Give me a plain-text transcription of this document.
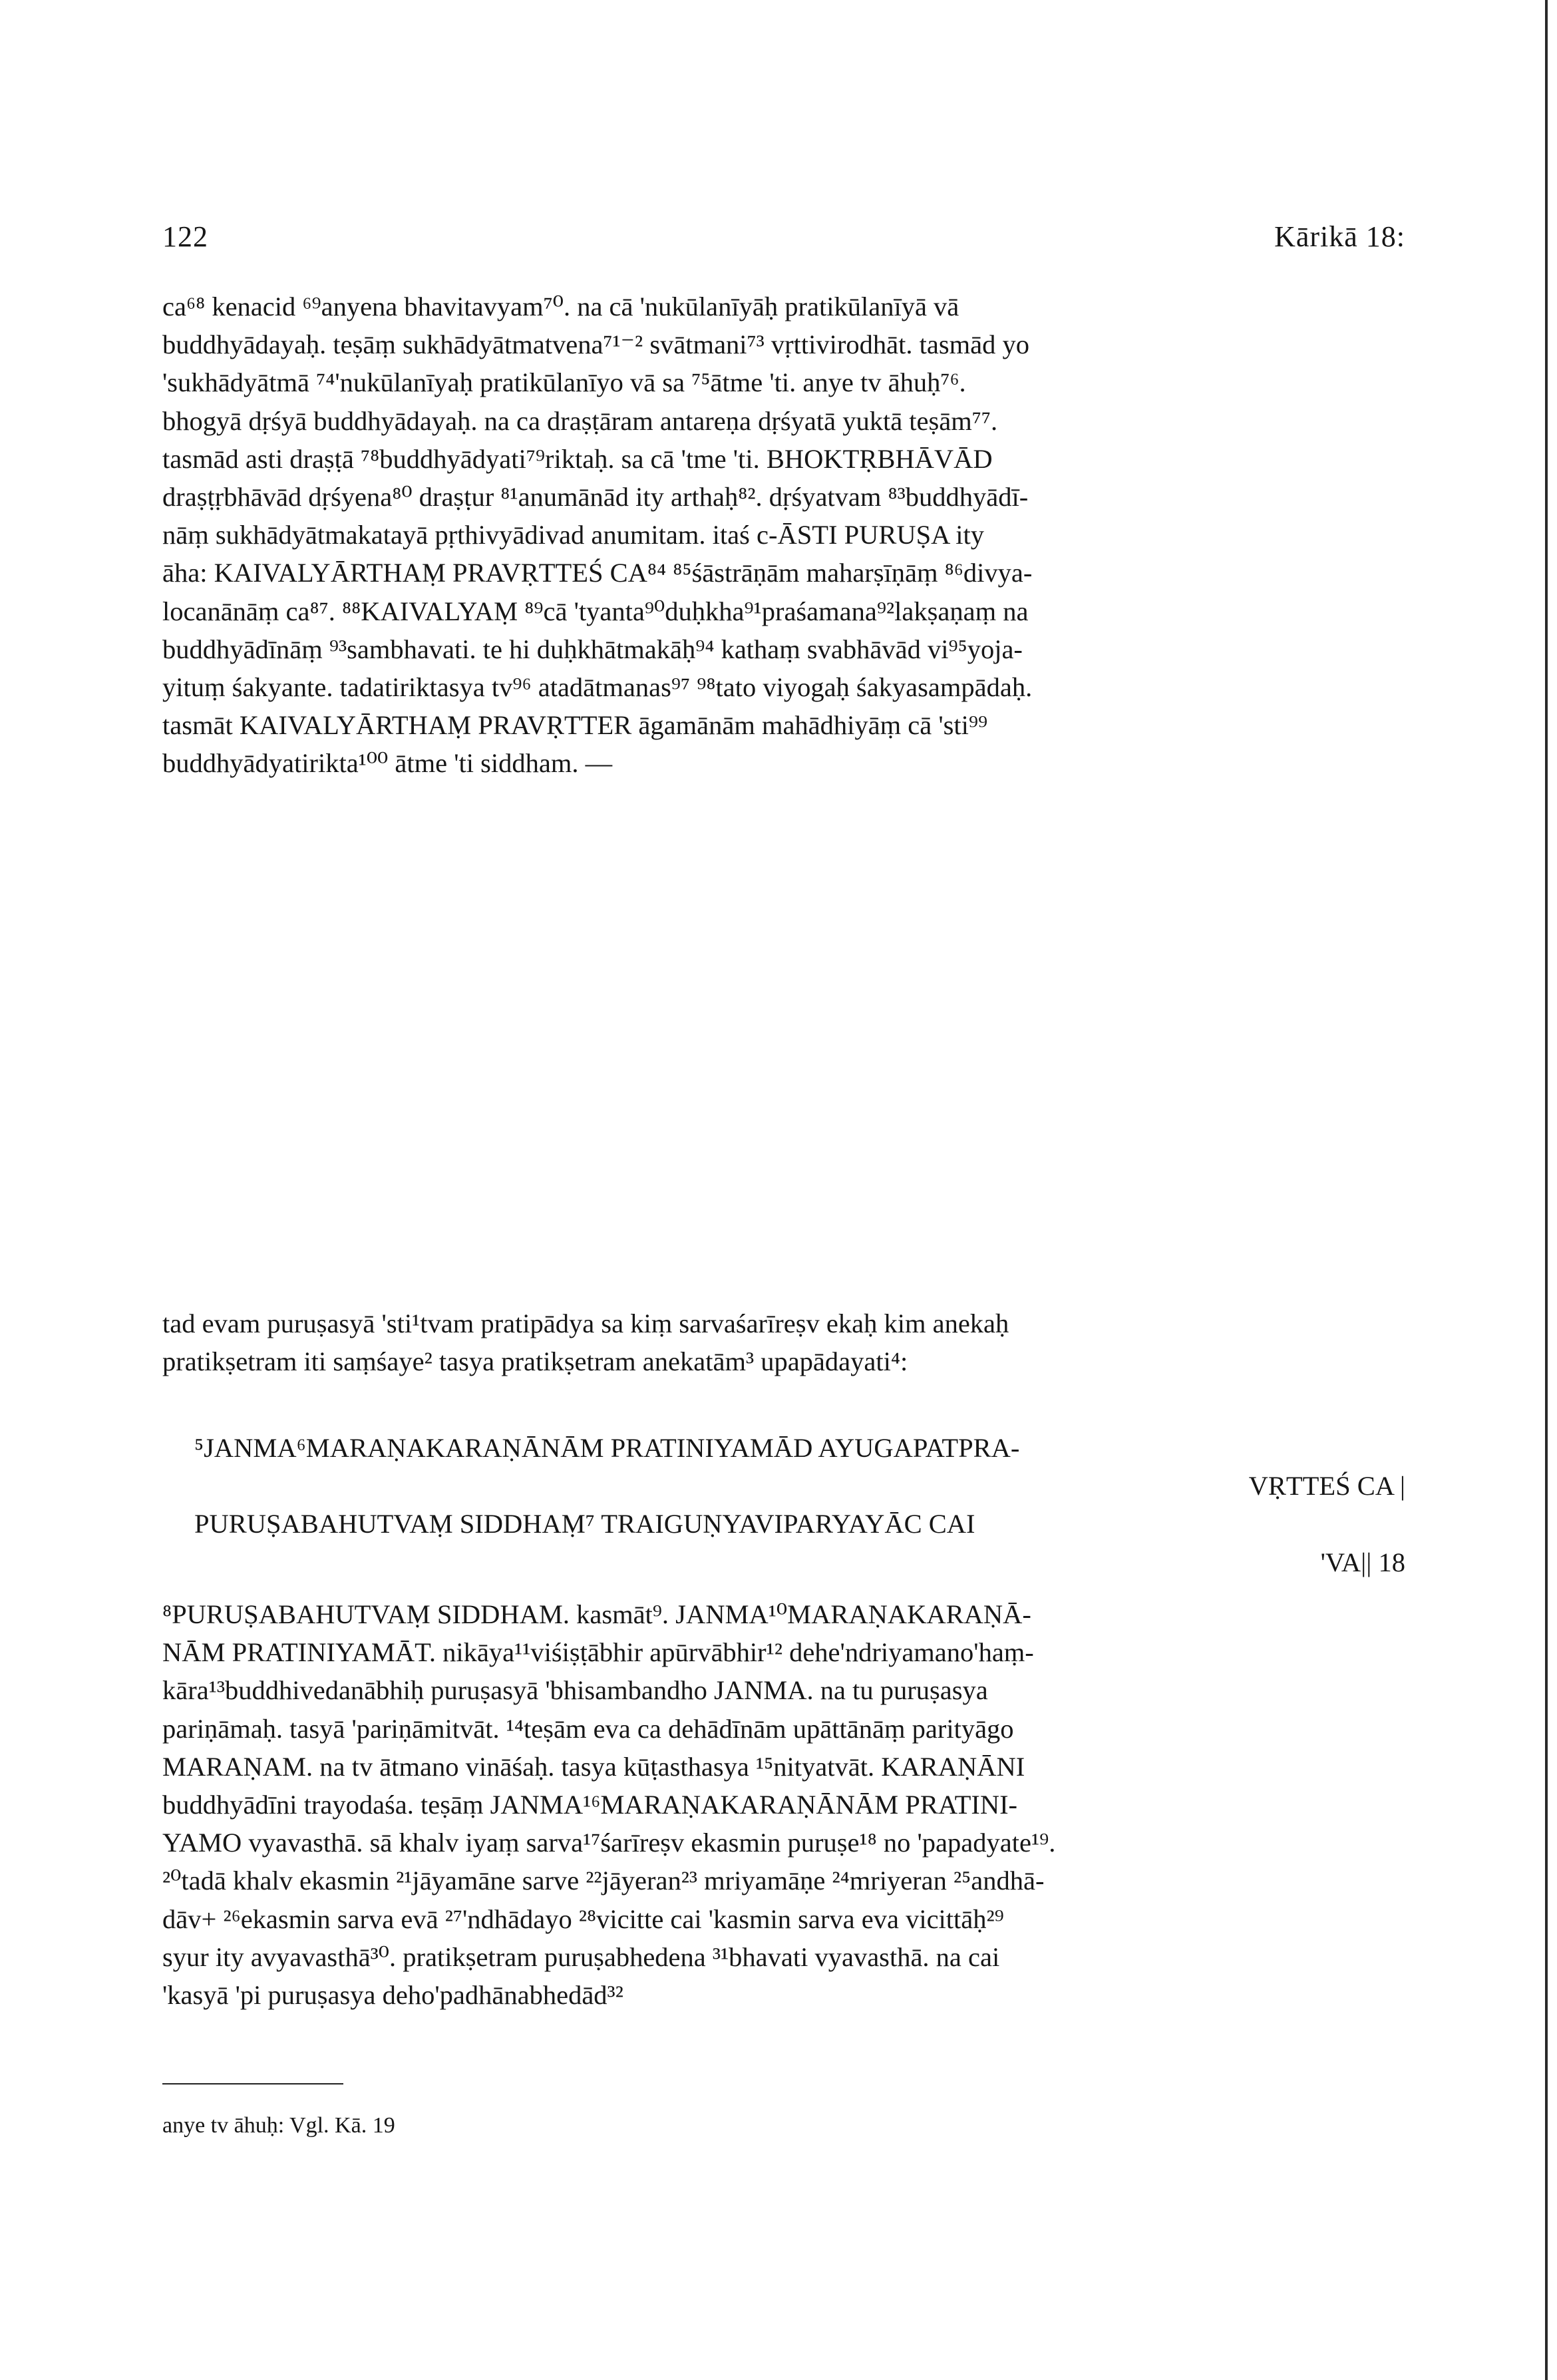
122	Kārikā 18:
ca⁶⁸ kenacid ⁶⁹anyena bhavitavyam⁷⁰. na cā 'nukūlanīyāḥ pratikūlanīyā vā
buddhyādayaḥ. teṣāṃ sukhādyātmatvena⁷¹⁻² svātmani⁷³ vṛttivirodhāt. tasmād yo
'sukhādyātmā ⁷⁴'nukūlanīyaḥ pratikūlanīyo vā sa ⁷⁵ātme 'ti. anye tv āhuḥ⁷⁶.
bhogyā dṛśyā buddhyādayaḥ. na ca draṣṭāram antareṇa dṛśyatā yuktā teṣām⁷⁷.
tasmād asti draṣṭā ⁷⁸buddhyādyati⁷⁹riktaḥ. sa cā 'tme 'ti. BHOKTṚBHĀVĀD
draṣṭṛbhāvād dṛśyena⁸⁰ draṣṭur ⁸¹anumānād ity arthaḥ⁸². dṛśyatvam ⁸³buddhyādī-
nāṃ sukhādyātmakatayā pṛthivyādivad anumitam. itaś c-ĀSTI PURUṢA ity
āha: KAIVALYĀRTHAṂ PRAVṚTTEŚ CA⁸⁴ ⁸⁵śāstrāṇām maharṣīṇāṃ ⁸⁶divya-
locanānāṃ ca⁸⁷. ⁸⁸KAIVALYAṂ ⁸⁹cā 'tyanta⁹⁰duḥkha⁹¹praśamana⁹²lakṣaṇaṃ na
buddhyādīnāṃ ⁹³sambhavati. te hi duḥkhātmakāḥ⁹⁴ kathaṃ svabhāvād vi⁹⁵yoja-
yituṃ śakyante. tadatiriktasya tv⁹⁶ atadātmanas⁹⁷ ⁹⁸tato viyogaḥ śakyasampādaḥ.
tasmāt KAIVALYĀRTHAṂ PRAVṚTTER āgamānām mahādhiyāṃ cā 'sti⁹⁹
buddhyādyatirikta¹⁰⁰ ātme 'ti siddham. —
tad evam puruṣasyā 'sti¹tvam pratipādya sa kiṃ sarvaśarīreṣv ekaḥ kim anekaḥ
pratikṣetram iti saṃśaye² tasya pratikṣetram anekatām³ upapādayati⁴:
⁵JANMA⁶MARAṆAKARAṆĀNĀM PRATINIYAMĀD AYUGAPATPRA-
VṚTTEŚ CA |
PURUṢABAHUTVAṂ SIDDHAṂ⁷ TRAIGUṆYAVIPARYAYĀC CAI
'VA|| 18
⁸PURUṢABAHUTVAṂ SIDDHAM. kasmāt⁹. JANMA¹⁰MARAṆAKARAṆĀ-
NĀM PRATINIYAMĀT. nikāya¹¹viśiṣṭābhir apūrvābhir¹² dehe'ndriyamano'haṃ-
kāra¹³buddhivedanābhiḥ puruṣasyā 'bhisambandho JANMA. na tu puruṣasya
pariṇāmaḥ. tasyā 'pariṇāmitvāt. ¹⁴teṣām eva ca dehādīnām upāttānāṃ parityāgo
MARAṆAM. na tv ātmano vināśaḥ. tasya kūṭasthasya ¹⁵nityatvāt. KARAṆĀNI
buddhyādīni trayodaśa. teṣāṃ JANMA¹⁶MARAṆAKARAṆĀNĀM PRATINI-
YAMO vyavasthā. sā khalv iyaṃ sarva¹⁷śarīreṣv ekasmin puruṣe¹⁸ no 'papadyate¹⁹.
²⁰tadā khalv ekasmin ²¹jāyamāne sarve ²²jāyeran²³ mriyamāṇe ²⁴mriyeran ²⁵andhā-
dāv+ ²⁶ekasmin sarva evā ²⁷'ndhādayo ²⁸vicitte cai 'kasmin sarva eva vicittāḥ²⁹
syur ity avyavasthā³⁰. pratikṣetram puruṣabhedena ³¹bhavati vyavasthā. na cai
'kasyā 'pi puruṣasya deho'padhānabhedād³²
anye tv āhuḥ: Vgl. Kā. 19
